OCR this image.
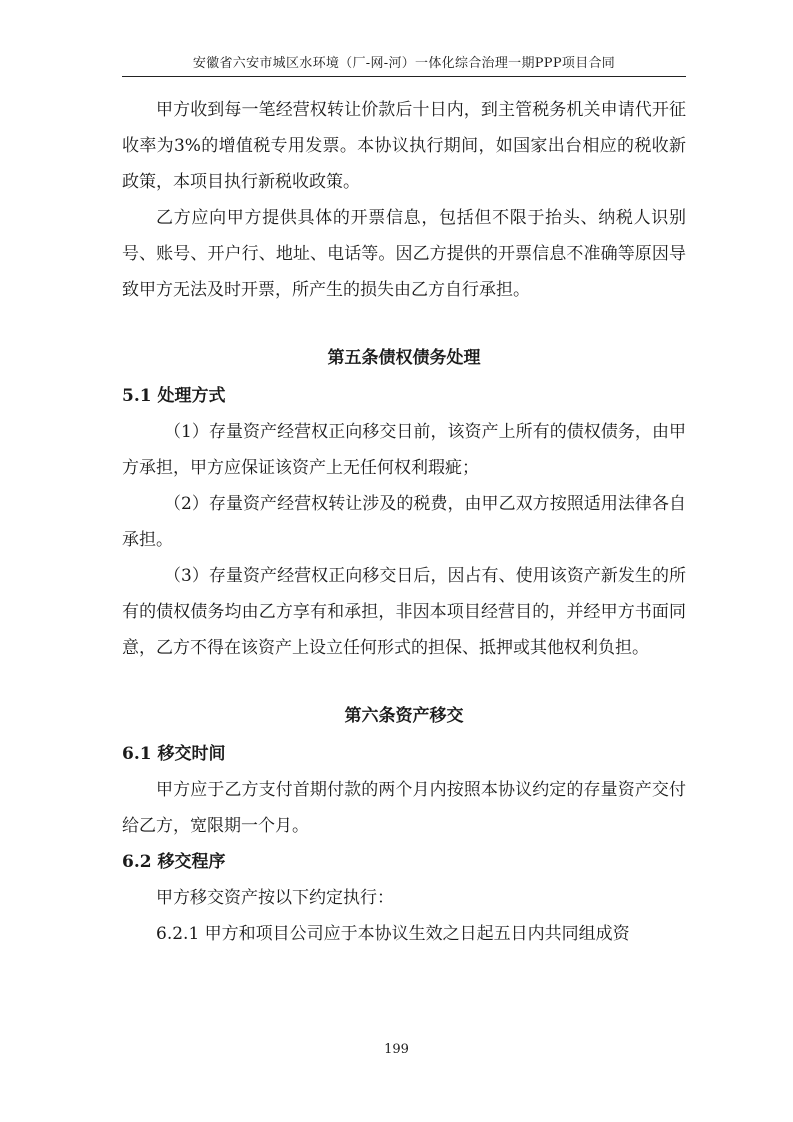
安徽省六安市城区水环境（厂-网-河）一体化综合治理一期PPP项目合同

甲方收到每一笔经营权转让价款后十日内，到主管税务机关申请代开征收率为3%的增值税专用发票。本协议执行期间，如国家出台相应的税收新政策，本项目执行新税收政策。

乙方应向甲方提供具体的开票信息，包括但不限于抬头、纳税人识别号、账号、开户行、地址、电话等。因乙方提供的开票信息不准确等原因导致甲方无法及时开票，所产生的损失由乙方自行承担。

第五条债权债务处理

5.1 处理方式

（1）存量资产经营权正向移交日前，该资产上所有的债权债务，由甲方承担，甲方应保证该资产上无任何权利瑕疵；

（2）存量资产经营权转让涉及的税费，由甲乙双方按照适用法律各自承担。

（3）存量资产经营权正向移交日后，因占有、使用该资产新发生的所有的债权债务均由乙方享有和承担，非因本项目经营目的，并经甲方书面同意，乙方不得在该资产上设立任何形式的担保、抵押或其他权利负担。

第六条资产移交

6.1 移交时间

甲方应于乙方支付首期付款的两个月内按照本协议约定的存量资产交付给乙方，宽限期一个月。

6.2 移交程序

甲方移交资产按以下约定执行：

6.2.1 甲方和项目公司应于本协议生效之日起五日内共同组成资

199
